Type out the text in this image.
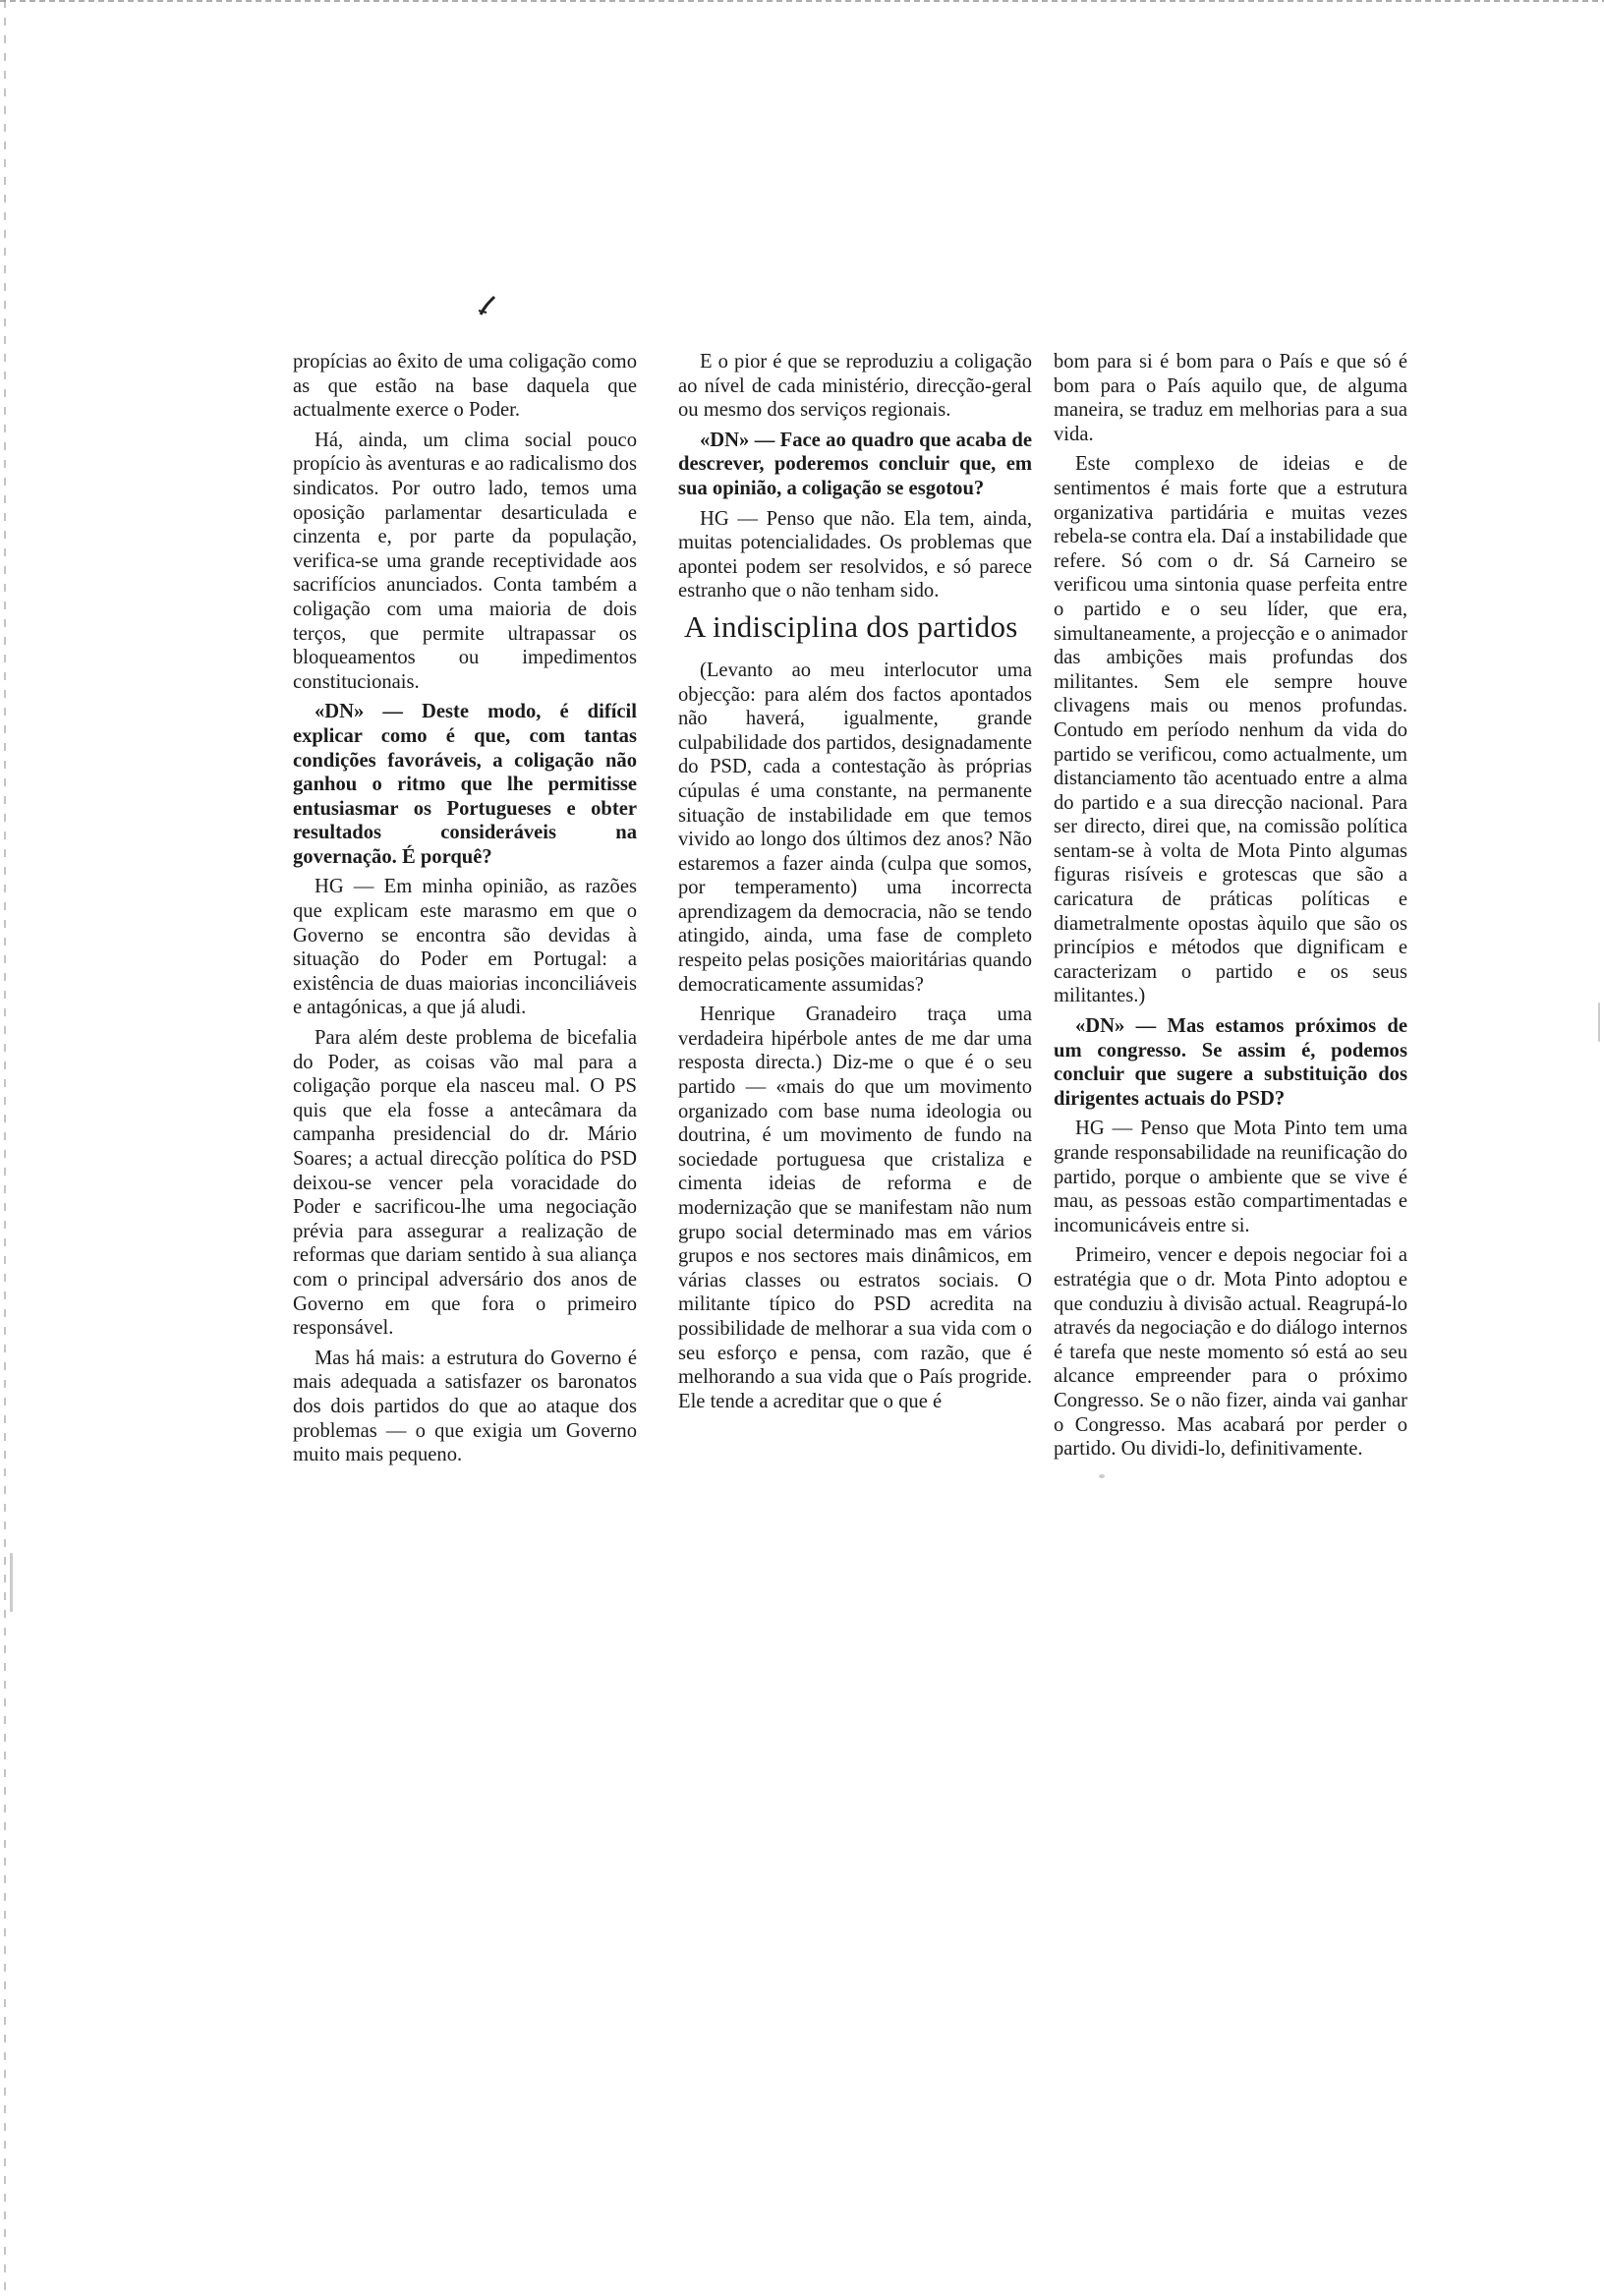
propícias ao êxito de uma coligação como as que estão na base daquela que actualmente exerce o Poder.

Há, ainda, um clima social pouco propício às aventuras e ao radicalismo dos sindicatos. Por outro lado, temos uma oposição parlamentar desarticulada e cinzenta e, por parte da população, verifica-se uma grande receptividade aos sacrifícios anunciados. Conta também a coligação com uma maioria de dois terços, que permite ultrapassar os bloqueamentos ou impedimentos constitucionais.

«DN» — Deste modo, é difícil explicar como é que, com tantas condições favoráveis, a coligação não ganhou o ritmo que lhe permitisse entusiasmar os Portugueses e obter resultados consideráveis na governação. É porquê?

HG — Em minha opinião, as razões que explicam este marasmo em que o Governo se encontra são devidas à situação do Poder em Portugal: a existência de duas maiorias inconciliáveis e antagónicas, a que já aludi.

Para além deste problema de bicefalia do Poder, as coisas vão mal para a coligação porque ela nasceu mal. O PS quis que ela fosse a antecâmara da campanha presidencial do dr. Mário Soares; a actual direcção política do PSD deixou-se vencer pela voracidade do Poder e sacrificou-lhe uma negociação prévia para assegurar a realização de reformas que dariam sentido à sua aliança com o principal adversário dos anos de Governo em que fora o primeiro responsável.

Mas há mais: a estrutura do Governo é mais adequada a satisfazer os baronatos dos dois partidos do que ao ataque dos problemas — o que exigia um Governo muito mais pequeno.

E o pior é que se reproduziu a coligação ao nível de cada ministério, direcção-geral ou mesmo dos serviços regionais.

«DN» — Face ao quadro que acaba de descrever, poderemos concluir que, em sua opinião, a coligação se esgotou?

HG — Penso que não. Ela tem, ainda, muitas potencialidades. Os problemas que apontei podem ser resolvidos, e só parece estranho que o não tenham sido.

A indisciplina dos partidos

(Levanto ao meu interlocutor uma objecção: para além dos factos apontados não haverá, igualmente, grande culpabilidade dos partidos, designadamente do PSD, cada a contestação às próprias cúpulas é uma constante, na permanente situação de instabilidade em que temos vivido ao longo dos últimos dez anos? Não estaremos a fazer ainda (culpa que somos, por temperamento) uma incorrecta aprendizagem da democracia, não se tendo atingido, ainda, uma fase de completo respeito pelas posições maioritárias quando democraticamente assumidas?

Henrique Granadeiro traça uma verdadeira hipérbole antes de me dar uma resposta directa.) Diz-me o que é o seu partido — «mais do que um movimento organizado com base numa ideologia ou doutrina, é um movimento de fundo na sociedade portuguesa que cristaliza e cimenta ideias de reforma e de modernização que se manifestam não num grupo social determinado mas em vários grupos e nos sectores mais dinâmicos, em várias classes ou estratos sociais. O militante típico do PSD acredita na possibilidade de melhorar a sua vida com o seu esforço e pensa, com razão, que é melhorando a sua vida que o País progride. Ele tende a acreditar que o que é

bom para si é bom para o País e que só é bom para o País aquilo que, de alguma maneira, se traduz em melhorias para a sua vida.

Este complexo de ideias e de sentimentos é mais forte que a estrutura organizativa partidária e muitas vezes rebela-se contra ela. Daí a instabilidade que refere. Só com o dr. Sá Carneiro se verificou uma sintonia quase perfeita entre o partido e o seu líder, que era, simultaneamente, a projecção e o animador das ambições mais profundas dos militantes. Sem ele sempre houve clivagens mais ou menos profundas. Contudo em período nenhum da vida do partido se verificou, como actualmente, um distanciamento tão acentuado entre a alma do partido e a sua direcção nacional. Para ser directo, direi que, na comissão política sentam-se à volta de Mota Pinto algumas figuras risíveis e grotescas que são a caricatura de práticas políticas e diametralmente opostas àquilo que são os princípios e métodos que dignificam e caracterizam o partido e os seus militantes.)

«DN» — Mas estamos próximos de um congresso. Se assim é, podemos concluir que sugere a substituição dos dirigentes actuais do PSD?

HG — Penso que Mota Pinto tem uma grande responsabilidade na reunificação do partido, porque o ambiente que se vive é mau, as pessoas estão compartimentadas e incomunicáveis entre si.

Primeiro, vencer e depois negociar foi a estratégia que o dr. Mota Pinto adoptou e que conduziu à divisão actual. Reagrupá-lo através da negociação e do diálogo internos é tarefa que neste momento só está ao seu alcance empreender para o próximo Congresso. Se o não fizer, ainda vai ganhar o Congresso. Mas acabará por perder o partido. Ou dividi-lo, definitivamente.
